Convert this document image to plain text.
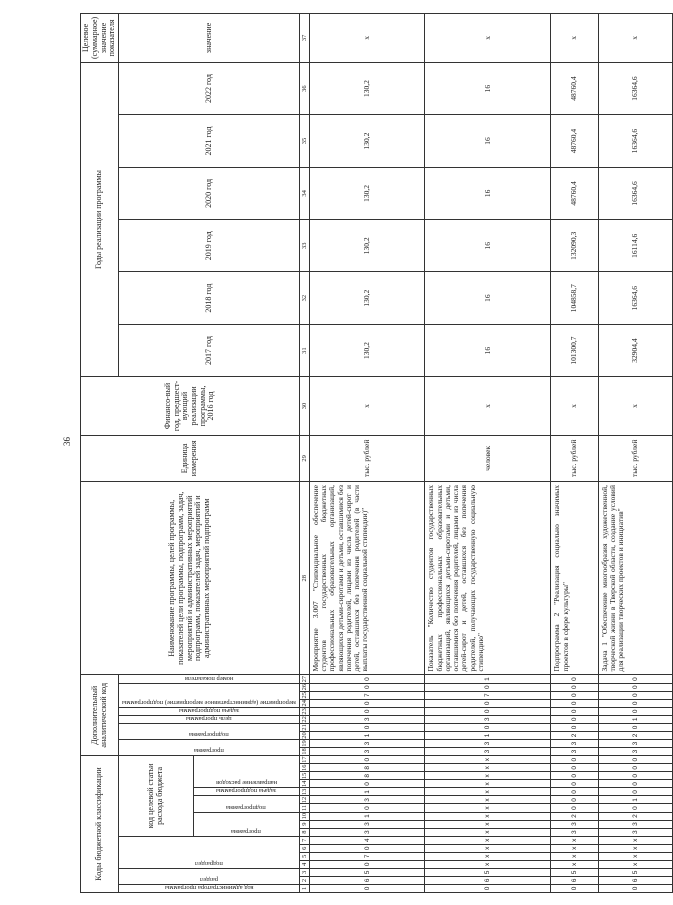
36
Коды бюджетной классификации																	Дополнительный аналитический код										Наименование программы, целей программы, показателей цели программы, подпрограмм, задач, мероприятий и административных мероприятий подпрограмм, показателей задач, мероприятий и административных мероприятий подпрограмм	Единица измерения	Финансо-вый год, предшест-вующий реализации программы, 2016 год	Годы реализации программы						Целевое (суммарное) значение показателя

код администратора программы	раздел		подраздел				код целевой статьи расхода бюджета										программа		подпрограмма		цель программы	задача подпрограммы	мероприятие (административное мероприятие) подпрограммы			номер показателя				2017 год	2018 год	2019 год	2020 год	2021 год	2022 год	значение

							программа			подпрограмма		задача подпрограммы	направление расходов																							

1	2	3	4	5	6	7	8	9	10	11	12	13	14	15	16	17	18	19	20	21	22	23	24	25	26	27	28	29	30	31	32	33	34	35	36	37
0	6	5	0	7	0	4	3	3	1	0	3	1	0	8	8	0	3	3	1	0	3	0	0	7	0	0	Мероприятие 3.007 "Стипендиальное обеспечение студентов государственных бюджетных профессиональных образовательных организаций, являющихся детьми-сиротами и детьми, оставшимися без попечения родителей, лицами из числа детей-сирот и детей, оставшихся без попечения родителей (в части выплаты государственной социальной стипендии)"	тыс. рублей	х	130,2	130,2	130,2	130,2	130,2	130,2	х
0	6	5	х	х	х	х	х	х	х	х	х	х	х	х	х	х	3	3	1	0	3	0	0	7	0	1	Показатель "Количество студентов государственных бюджетных профессиональных образовательных организаций, являющихся детьми-сиротами и детьми, оставшимися без попечения родителей, лицами из числа детей-сирот и детей, оставшихся без попечения родителей, получающих государственную социальную стипендию"	человек	х	16	16	16	16	16	16	х
0	6	5	х	х	х	х	3	3	2	0	0	0	0	0	0	0	3	3	2	0	0	0	0	0	0	0	Подпрограмма 2 "Реализация социально значимых проектов в сфере культуры"	тыс. рублей	х	101300,7	104858,7	132090,3	48760,4	48760,4	48760,4	х
0	6	5	х	х	х	х	3	3	2	0	1	0	0	0	0	0	3	3	2	0	1	0	0	0	0	0	Задача 1 "Обеспечение многообразия художественной, творческой жизни в Тверской области, создание условий для реализации творческих проектов и инициатив"	тыс. рублей	х	32904,4	16364,6	16114,6	16364,6	16364,6	16364,6	х
